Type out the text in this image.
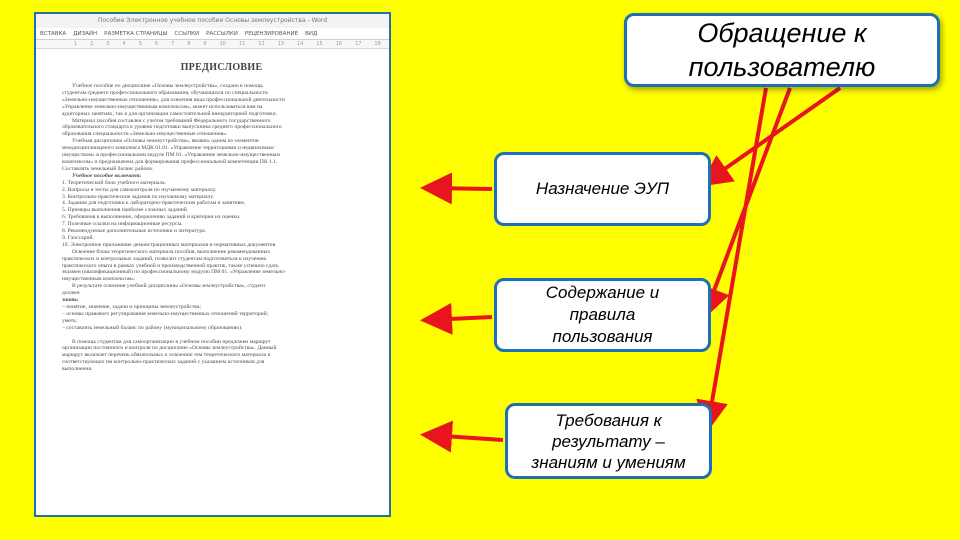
Пособие Электронное учебное пособие Основы землеустройства - Word
ВСТАВКА ДИЗАЙН РАЗМЕТКА СТРАНИЦЫ ССЫЛКИ РАССЫЛКИ РЕЦЕНЗИРОВАНИЕ ВИД
1	2	3	4	5	6	7	8	9	10	11	12	13	14	15	16	17	18
ПРЕДИСЛОВИЕ
Учебное пособие по дисциплине «Основы землеустройства», создано в помощь
студентам среднего профессионального образования, обучающихся по специальности
«Земельно-имущественные отношения», для освоения вида профессиональной деятельности
«Управление земельно-имущественным комплексом», может использоваться вам на
аудиторных занятиях, так и для организации самостоятельной внеаудиторной подготовки.
Материал пособия составлен с учетом требований Федерального государственного
образовательного стандарта к уровню подготовки выпускника среднего профессионального
образования специальности «Земельно-имущественные отношения».
Учебная дисциплина «Основы землеустройства», являясь одним из элементов
междисциплинарного комплекса МДК 01.01. «Управление территориями и недвижимым
имуществом» в профессиональном модуле ПМ 01. «Управление земельно-имущественным
комплексом» и предназначена для формирования профессиональной компетенции ПК 1.1.
Составлять земельный баланс района.
Учебное пособие включает:
1. Теоретический блок учебного материала.
2. Вопросы и тесты для самоконтроля по изучаемому материалу.
3. Контрольно-практические задания по изучаемому материалу.
4. Задания для подготовки к лабораторно-практическим работам и занятиям.
5. Примеры выполнения наиболее сложных заданий.
6. Требования к выполнению, оформлению заданий и критерии их оценки.
7. Полезные ссылки на информационные ресурсы.
8. Рекомендуемые дополнительные источники и литература.
9. Глоссарий.
10. Электронное приложение демонстрационных материалов и нормативных документов.
Освоение блока теоретического материала пособия, выполнение рекомендованных
практических и контрольных заданий, позволит студентам подготовиться к изучению
практического опыта в рамках учебной и производственной практик, также успешно сдать
экзамен (квалификационный) по профессиональному модулю ПМ 01. «Управление земельно-
имущественным комплексом».
В результате освоения учебной дисциплины «Основы землеустройства», студент
должен
знать:
– понятие, значение, задачи и принципы землеустройства;
– основы правового регулирования земельно-имущественных отношений территорий;
уметь:
– составлять земельный баланс по району (муниципальному образованию).

В помощь студентам для самоорганизации в учебном пособии предложен маршрут
организации постоянного и контроля по дисциплине «Основы землеустройства». Данный
маршрут включает перечень обязательных к освоению тем теоретического материала и
соответствующих им контрольно-практических заданий с указанием источников для
выполнения.
Обращение к
пользователю
Назначение ЭУП
Содержание и
правила
пользования
Требования к
результату –
знаниям и умениям
